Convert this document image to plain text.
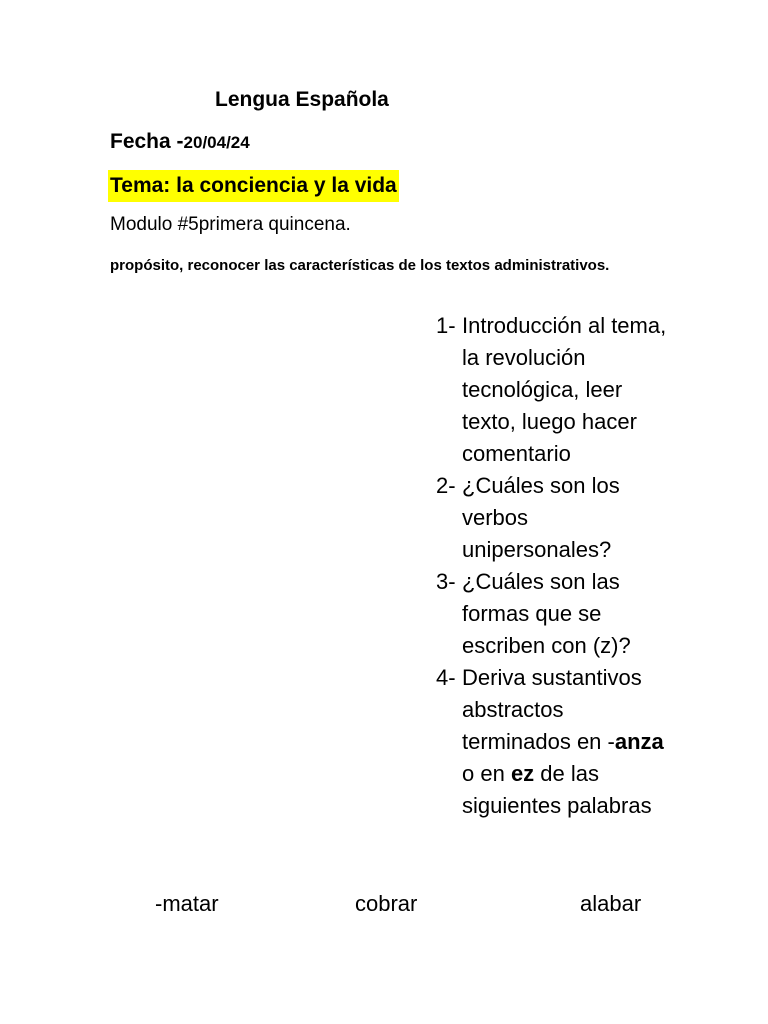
Lengua Española
Fecha -20/04/24
Tema: la conciencia y la vida
Modulo #5primera quincena.
propósito, reconocer las características de los textos administrativos.
1- Introducción al tema, la revolución tecnológica, leer texto, luego hacer comentario
2- ¿Cuáles son los verbos unipersonales?
3- ¿Cuáles son las formas que se escriben con (z)?
4- Deriva sustantivos abstractos terminados en -anza o en ez de las siguientes palabras
-matar	cobrar	alabar
